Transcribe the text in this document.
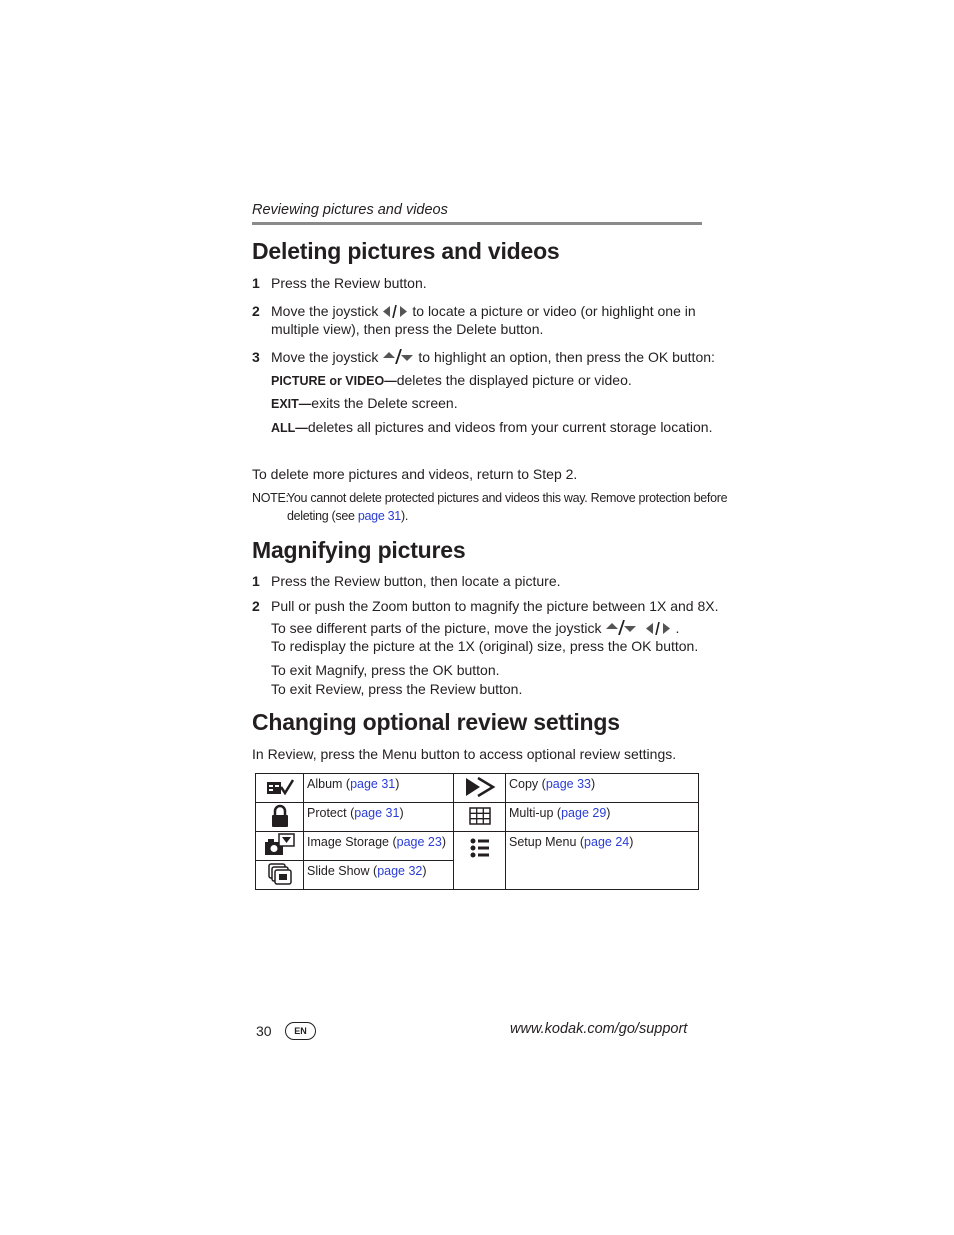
Reviewing pictures and videos
Deleting pictures and videos
1 Press the Review button.
2 Move the joystick to locate a picture or video (or highlight one in
multiple view), then press the Delete button.
3 Move the joystick	to highlight an option, then press the OK button:
PICTURE or VIDEO—deletes the displayed picture or video.
EXIT—exits the Delete screen.
ALL—deletes all pictures and videos from your current storage location.
To delete more pictures and videos, return to Step 2.
NOTE:
You cannot delete protected pictures and videos this way. Remove protection before
deleting (see page 31).
Magnifying pictures
1 Press the Review button, then locate a picture.
2 Pull or push the Zoom button to magnify the picture between 1X and 8X.
To see different parts of the picture, move the joystick	.
To redisplay the picture at the 1X (original) size, press the OK button.
To exit Magnify, press the OK button.
To exit Review, press the Review button.
Changing optional review settings
In Review, press the Menu button to access optional review settings.
	Album (page 31)		Copy (page 33)
	Protect (page 31)		Multi-up (page 29)
	Image Storage (page 23)		Setup Menu (page 24)
	Slide Show (page 32)		
30	EN	www.kodak.com/go/support
